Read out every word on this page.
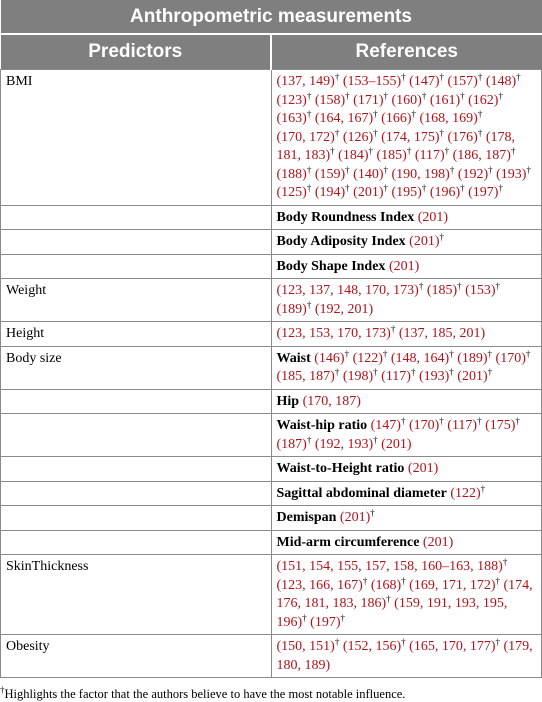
Anthropometric measurements	
Predictors	References
BMI	(137, 149)† (153–155)† (147)† (157)† (148)† (123)† (158)† (171)† (160)† (161)† (162)† (163)† (164, 167)† (166)† (168, 169)† (170, 172)† (126)† (174, 175)† (176)† (178, 181, 183)† (184)† (185)† (117)† (186, 187)† (188)† (159)† (140)† (190, 198)† (192)† (193)† (125)† (194)† (201)† (195)† (196)† (197)†
	Body Roundness Index (201)
	Body Adiposity Index (201)†
	Body Shape Index (201)
Weight	(123, 137, 148, 170, 173)† (185)† (153)† (189)† (192, 201)
Height	(123, 153, 170, 173)† (137, 185, 201)
Body size	Waist (146)† (122)† (148, 164)† (189)† (170)† (185, 187)† (198)† (117)† (193)† (201)†
	Hip (170, 187)
	Waist-hip ratio (147)† (170)† (117)† (175)† (187)† (192, 193)† (201)
	Waist-to-Height ratio (201)
	Sagittal abdominal diameter (122)†
	Demispan (201)†
	Mid-arm circumference (201)
SkinThickness	(151, 154, 155, 157, 158, 160–163, 188)† (123, 166, 167)† (168)† (169, 171, 172)† (174, 176, 181, 183, 186)† (159, 191, 193, 195, 196)† (197)†
Obesity	(150, 151)† (152, 156)† (165, 170, 177)† (179, 180, 189)
†Highlights the factor that the authors believe to have the most notable influence.
